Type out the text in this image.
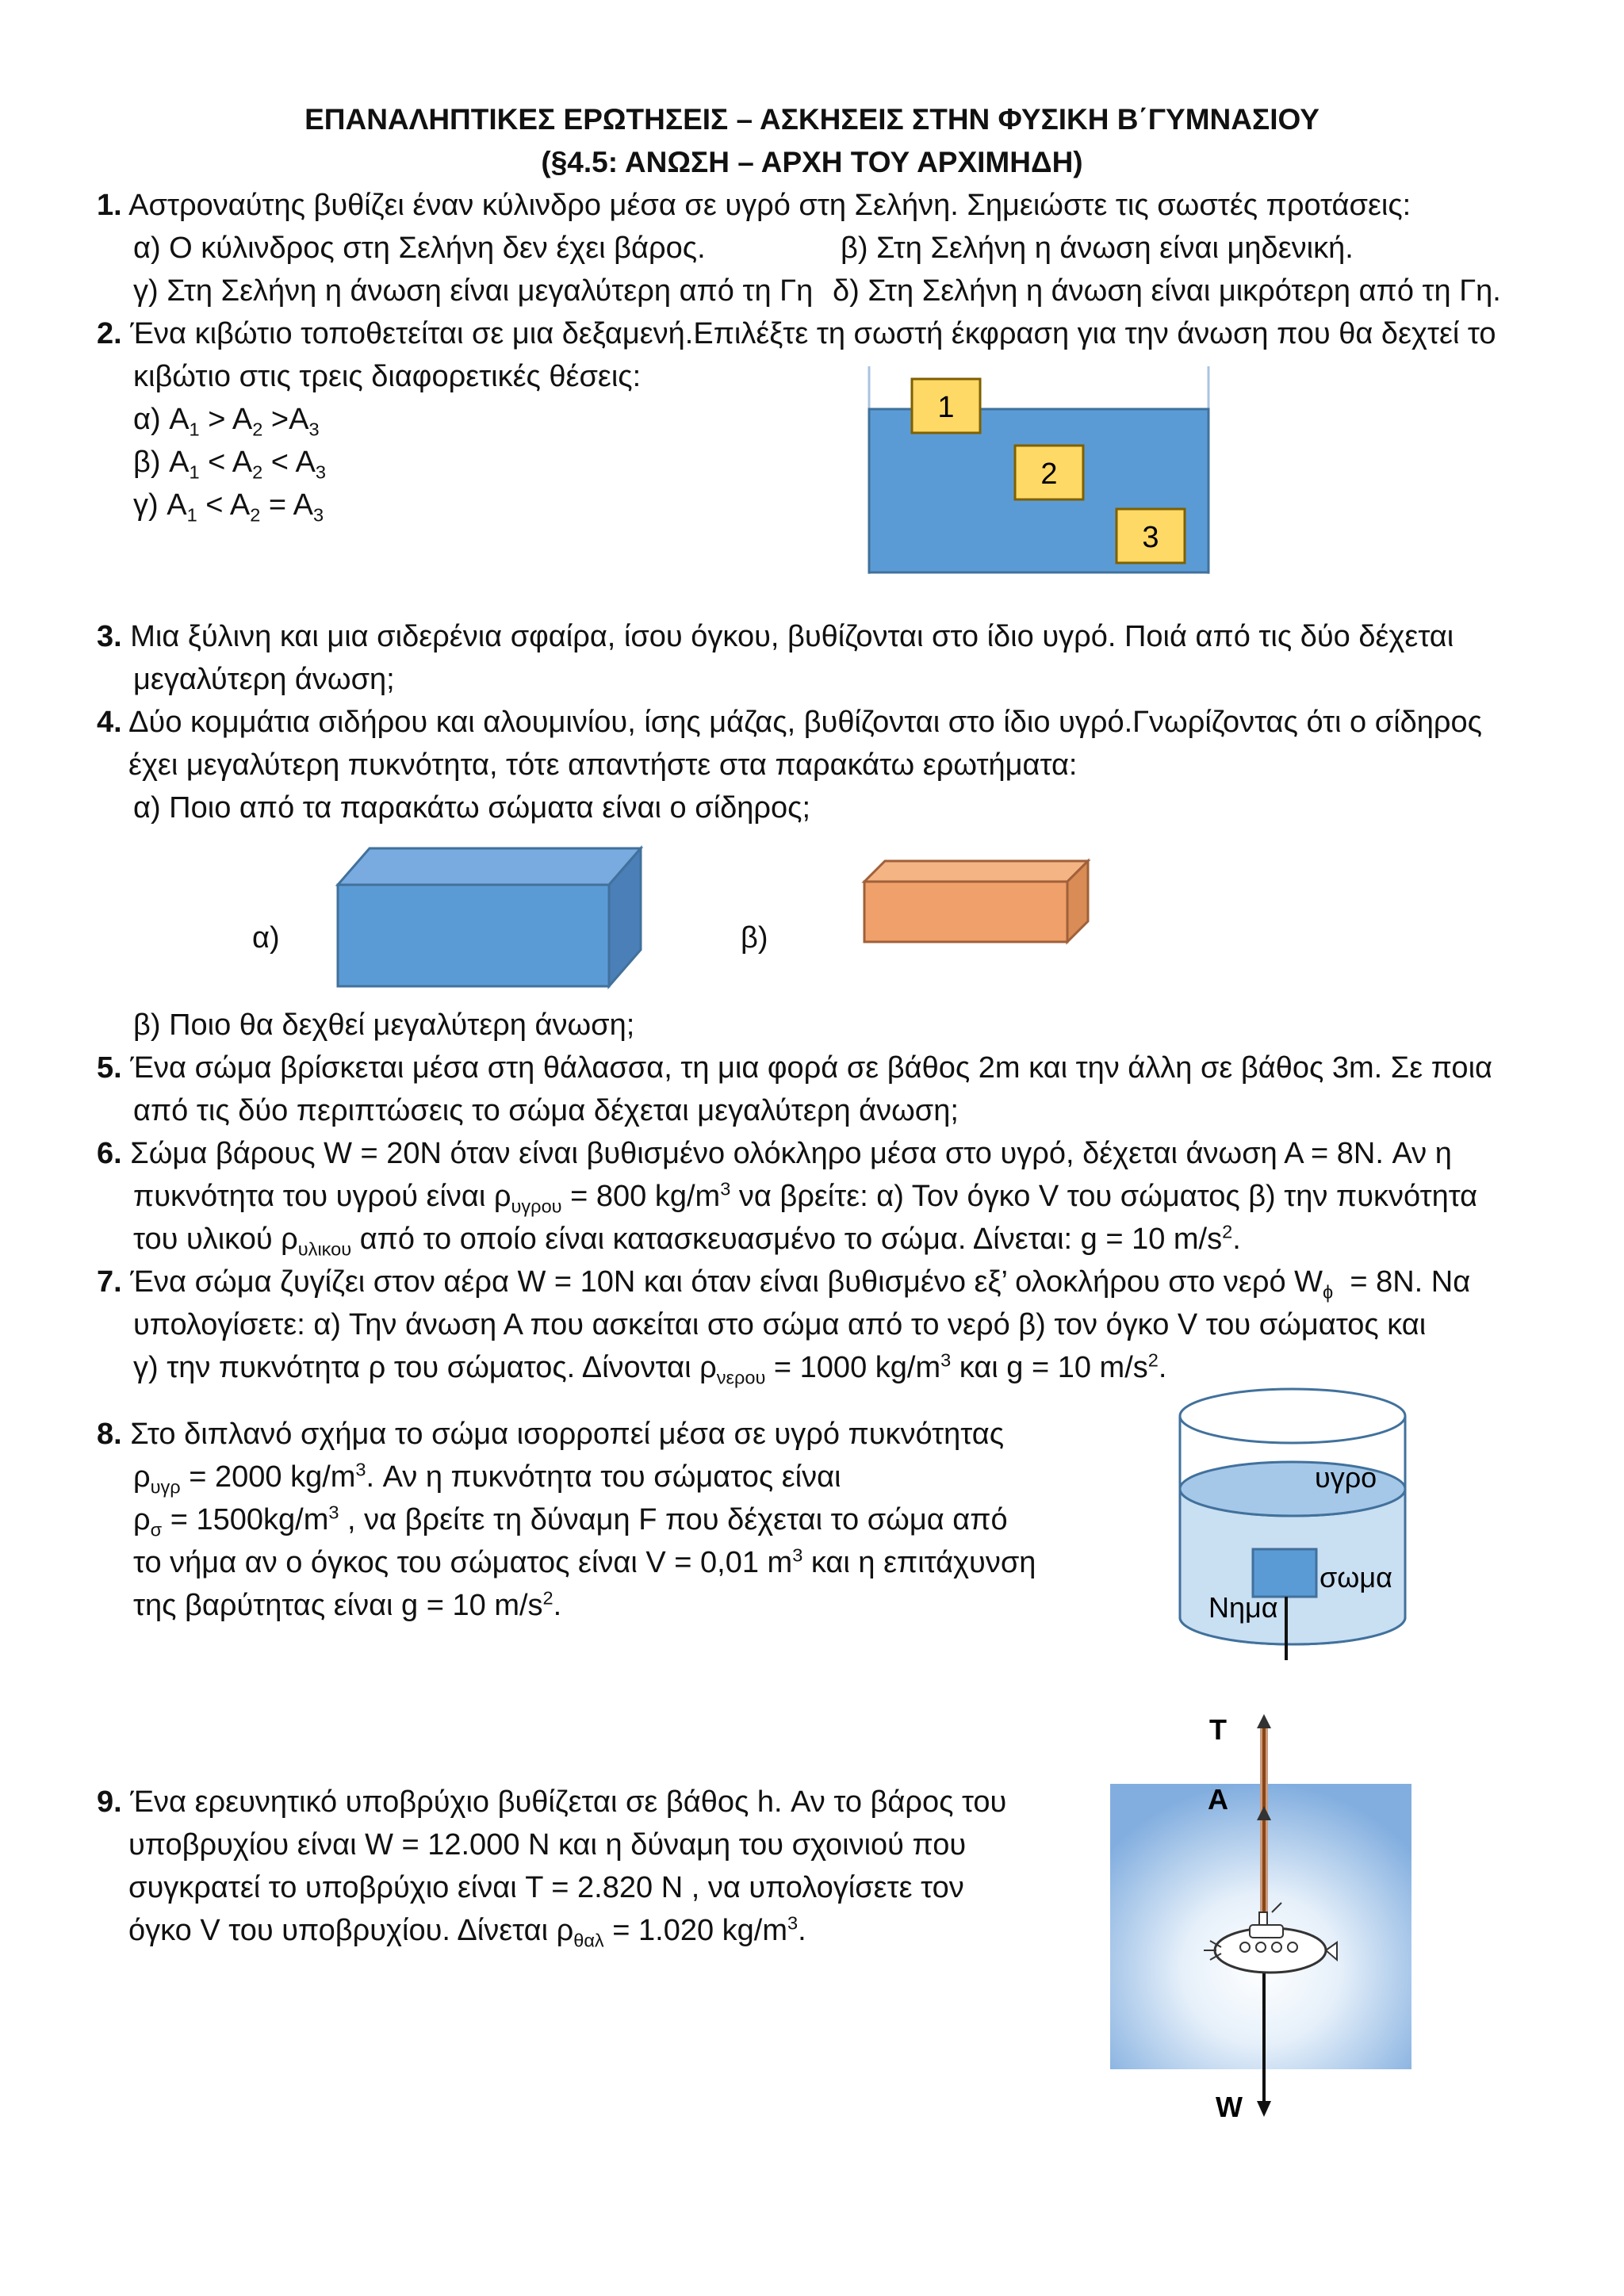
ΕΠΑΝΑΛΗΠΤΙΚΕΣ ΕΡΩΤΗΣΕΙΣ – ΑΣΚΗΣΕΙΣ ΣΤΗΝ ΦΥΣΙΚΗ Β΄ΓΥΜΝΑΣΙΟΥ
(§4.5: ΑΝΩΣΗ – ΑΡΧΗ ΤΟΥ ΑΡΧΙΜΗΔΗ)
1. Αστροναύτης βυθίζει έναν κύλινδρο μέσα σε υγρό στη Σελήνη. Σημειώστε τις σωστές προτάσεις:
α) Ο κύλινδρος στη Σελήνη δεν έχει βάρος.	β) Στη Σελήνη η άνωση είναι μηδενική.
γ) Στη Σελήνη η άνωση είναι μεγαλύτερη από τη Γη δ) Στη Σελήνη η άνωση είναι μικρότερη από τη Γη.
2. Ένα κιβώτιο τοποθετείται σε μια δεξαμενή.Επιλέξτε τη σωστή έκφραση για την άνωση που θα δεχτεί το
κιβώτιο στις τρεις διαφορετικές θέσεις:
α) $A_1 > A_2 >A_3$
β) $A_1 < A_2 < A_3$
γ) $A_1 < A_2 = A_3$
1
2
3
3. Μια ξύλινη και μια σιδερένια σφαίρα, ίσου όγκου, βυθίζονται στο ίδιο υγρό. Ποιά από τις δύο δέχεται
μεγαλύτερη άνωση;
4. Δύο κομμάτια σιδήρου και αλουμινίου, ίσης μάζας, βυθίζονται στο ίδιο υγρό.Γνωρίζοντας ότι ο σίδηρος
έχει μεγαλύτερη πυκνότητα, τότε απαντήστε στα παρακάτω ερωτήματα:
α) Ποιο από τα παρακάτω σώματα είναι ο σίδηρος;
α)	β)
β) Ποιο θα δεχθεί μεγαλύτερη άνωση;
5. Ένα σώμα βρίσκεται μέσα στη θάλασσα, τη μια φορά σε βάθος 2m και την άλλη σε βάθος 3m. Σε ποια
από τις δύο περιπτώσεις το σώμα δέχεται μεγαλύτερη άνωση;
6. Σώμα βάρους W = 20N όταν είναι βυθισμένο ολόκληρο μέσα στο υγρό, δέχεται άνωση Α = 8N. Αν η
πυκνότητα του υγρού είναι $\rho_{\upsilon\gamma\rho o\upsilon} = 800$ $kg/m^3$ να βρείτε: α) Τον όγκο V του σώματος β) την πυκνότητα
του υλικού $\rho_{\upsilon\lambda\iota\kappa o\upsilon}$ από το οποίο είναι κατασκευασμένο το σώμα. Δίνεται: g = 10 $m/s^2$.
7. Ένα σώμα ζυγίζει στον αέρα W = 10N και όταν είναι βυθισμένο εξ’ ολοκλήρου στο νερό $W_\phi = 8N$. Να
υπολογίσετε: α) Την άνωση Α που ασκείται στο σώμα από το νερό β) τον όγκο V του σώματος και
γ) την πυκνότητα ρ του σώματος. Δίνονται $\rho_{\nu\varepsilon\rho o\upsilon} = 1000$ $kg/m^3$ και g = 10 $m/s^2$.
8. Στο διπλανό σχήμα το σώμα ισορροπεί μέσα σε υγρό πυκνότητας
$\rho_{\upsilon\gamma\rho} = 2000$ $kg/m^3$. Αν η πυκνότητα του σώματος είναι
$\rho_\sigma = 1500kg/m^3$ , να βρείτε τη δύναμη F που δέχεται το σώμα από
το νήμα αν ο όγκος του σώματος είναι V = 0,01 $m^3$ και η επιτάχυνση
της βαρύτητας είναι g = 10 $m/s^2$.
υγρο
σωμα
Νημα
9. Ένα ερευνητικό υποβρύχιο βυθίζεται σε βάθος h. Αν το βάρος του
υποβρυχίου είναι W = 12.000 N και η δύναμη του σχοινιού που
συγκρατεί το υποβρύχιο είναι T = 2.820 N , να υπολογίσετε τον
όγκο V του υποβρυχίου. Δίνεται $\rho_{\theta\alpha\lambda} = 1.020$ $kg/m^3$.
T
A
W
